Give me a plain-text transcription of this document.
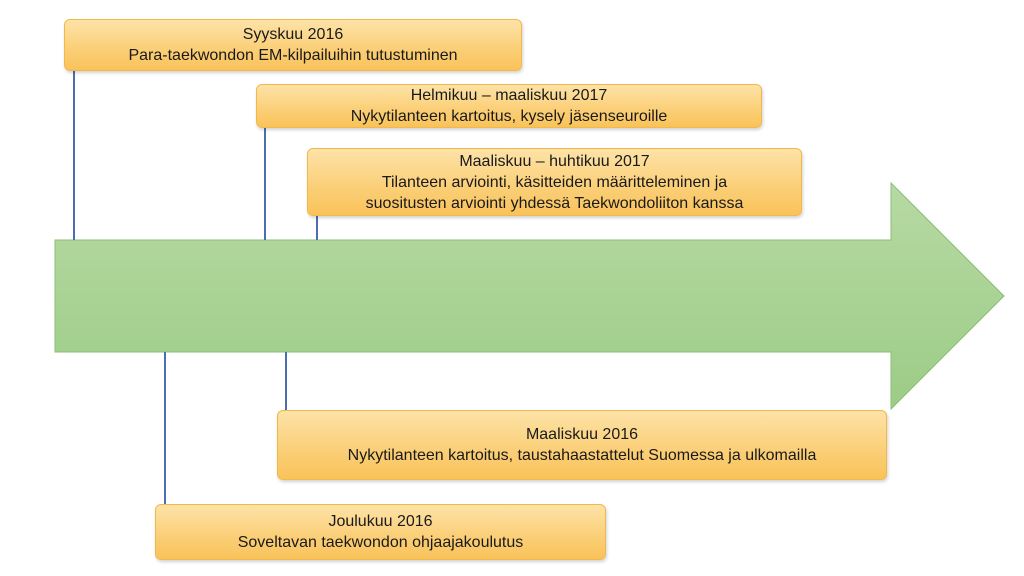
Syyskuu 2016
Para-taekwondon EM-kilpailuihin tutustuminen
Helmikuu – maaliskuu 2017
Nykytilanteen kartoitus, kysely jäsenseuroille
Maaliskuu – huhtikuu 2017
Tilanteen arviointi, käsitteiden määritteleminen ja
suositusten arviointi yhdessä Taekwondoliiton kanssa
Maaliskuu 2016
Nykytilanteen kartoitus, taustahaastattelut Suomessa ja ulkomailla
Joulukuu 2016
Soveltavan taekwondon ohjaajakoulutus
